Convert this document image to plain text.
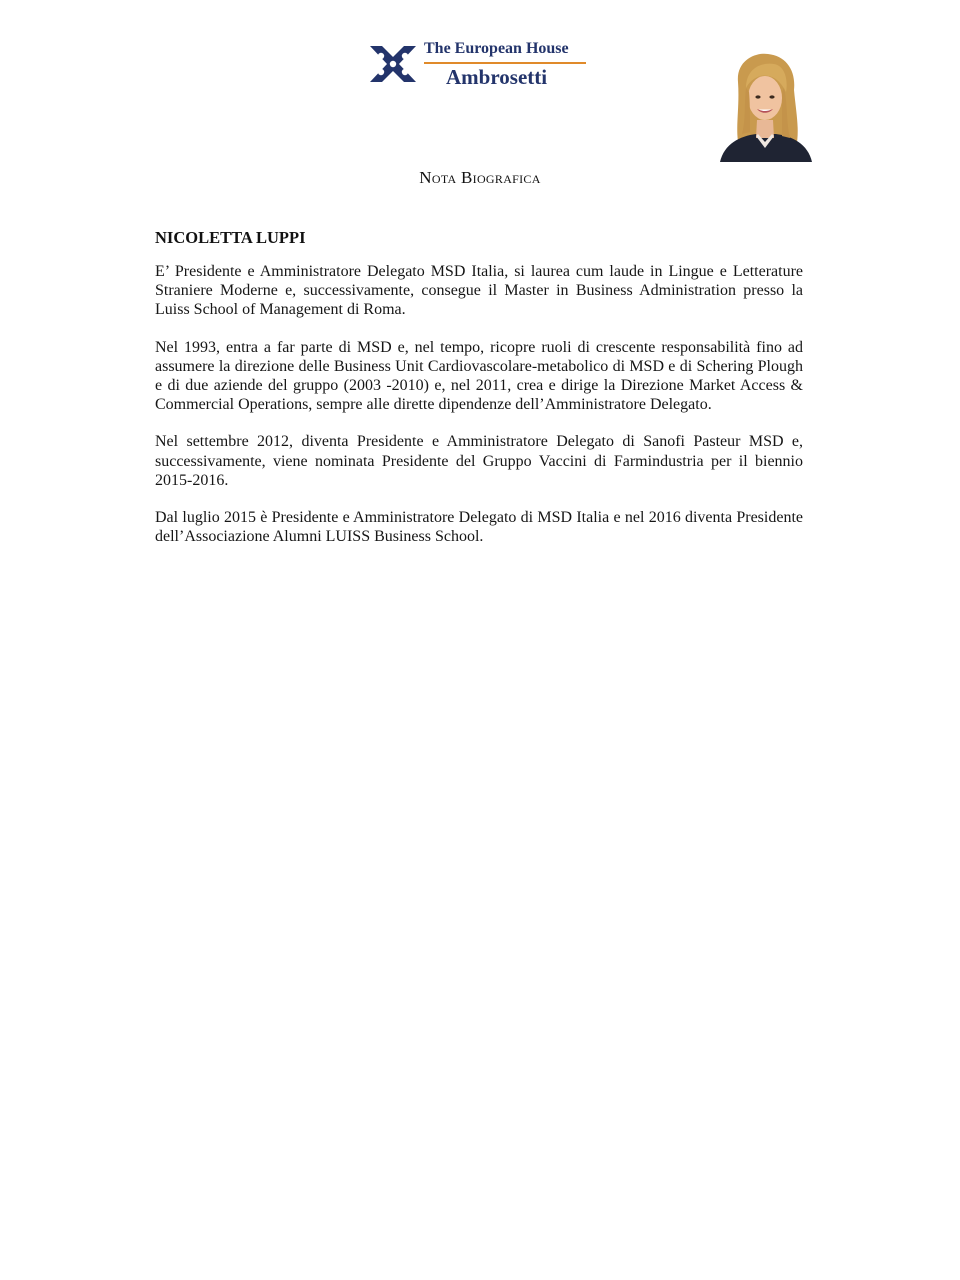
The European House
Ambrosetti
Nota Biografica
NICOLETTA LUPPI

E’ Presidente e Amministratore Delegato MSD Italia, si laurea cum laude in Lingue e Letterature Straniere Moderne e, successivamente, consegue il Master in Business Administration presso la Luiss School of Management di Roma.

Nel 1993, entra a far parte di MSD e, nel tempo, ricopre ruoli di crescente responsabilità fino ad assumere la direzione delle Business Unit Cardiovascolare-metabolico di MSD e di Schering Plough e di due aziende del gruppo (2003 -2010) e, nel 2011, crea e dirige la Direzione Market Access & Commercial Operations, sempre alle dirette dipendenze dell’Amministratore Delegato.

Nel settembre 2012, diventa Presidente e Amministratore Delegato di Sanofi Pasteur MSD e, successivamente, viene nominata Presidente del Gruppo Vaccini di Farmindustria per il biennio 2015-2016.

Dal luglio 2015 è Presidente e Amministratore Delegato di MSD Italia e nel 2016 diventa Presidente dell’Associazione Alumni LUISS Business School.
